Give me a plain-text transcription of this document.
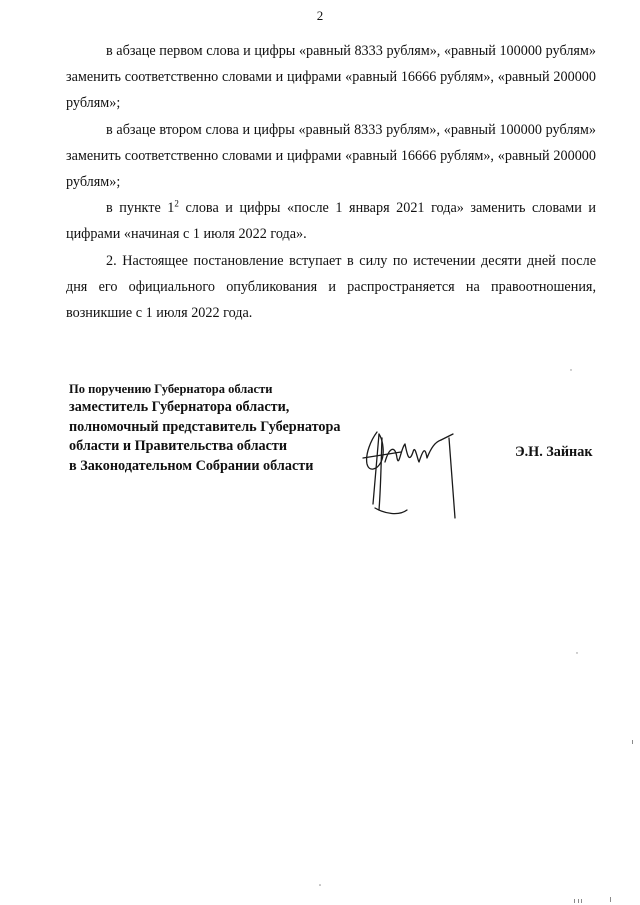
2

в абзаце первом слова и цифры «равный 8333 рублям», «равный 100000 рублям» заменить соответственно словами и цифрами «равный 16666 рублям», «равный 200000 рублям»;

в абзаце втором слова и цифры «равный 8333 рублям», «равный 100000 рублям» заменить соответственно словами и цифрами «равный 16666 рублям», «равный 200000 рублям»;

в пункте $1^2$ слова и цифры «после 1 января 2021 года» заменить словами и цифрами «начиная с 1 июля 2022 года».

2. Настоящее постановление вступает в силу по истечении десяти дней после дня его официального опубликования и распространяется на правоотношения, возникшие с 1 июля 2022 года.

По поручению Губернатора области
заместитель Губернатора области,
полномочный представитель Губернатора
области и Правительства области
в Законодательном Собрании области
Э.Н. Зайнак
